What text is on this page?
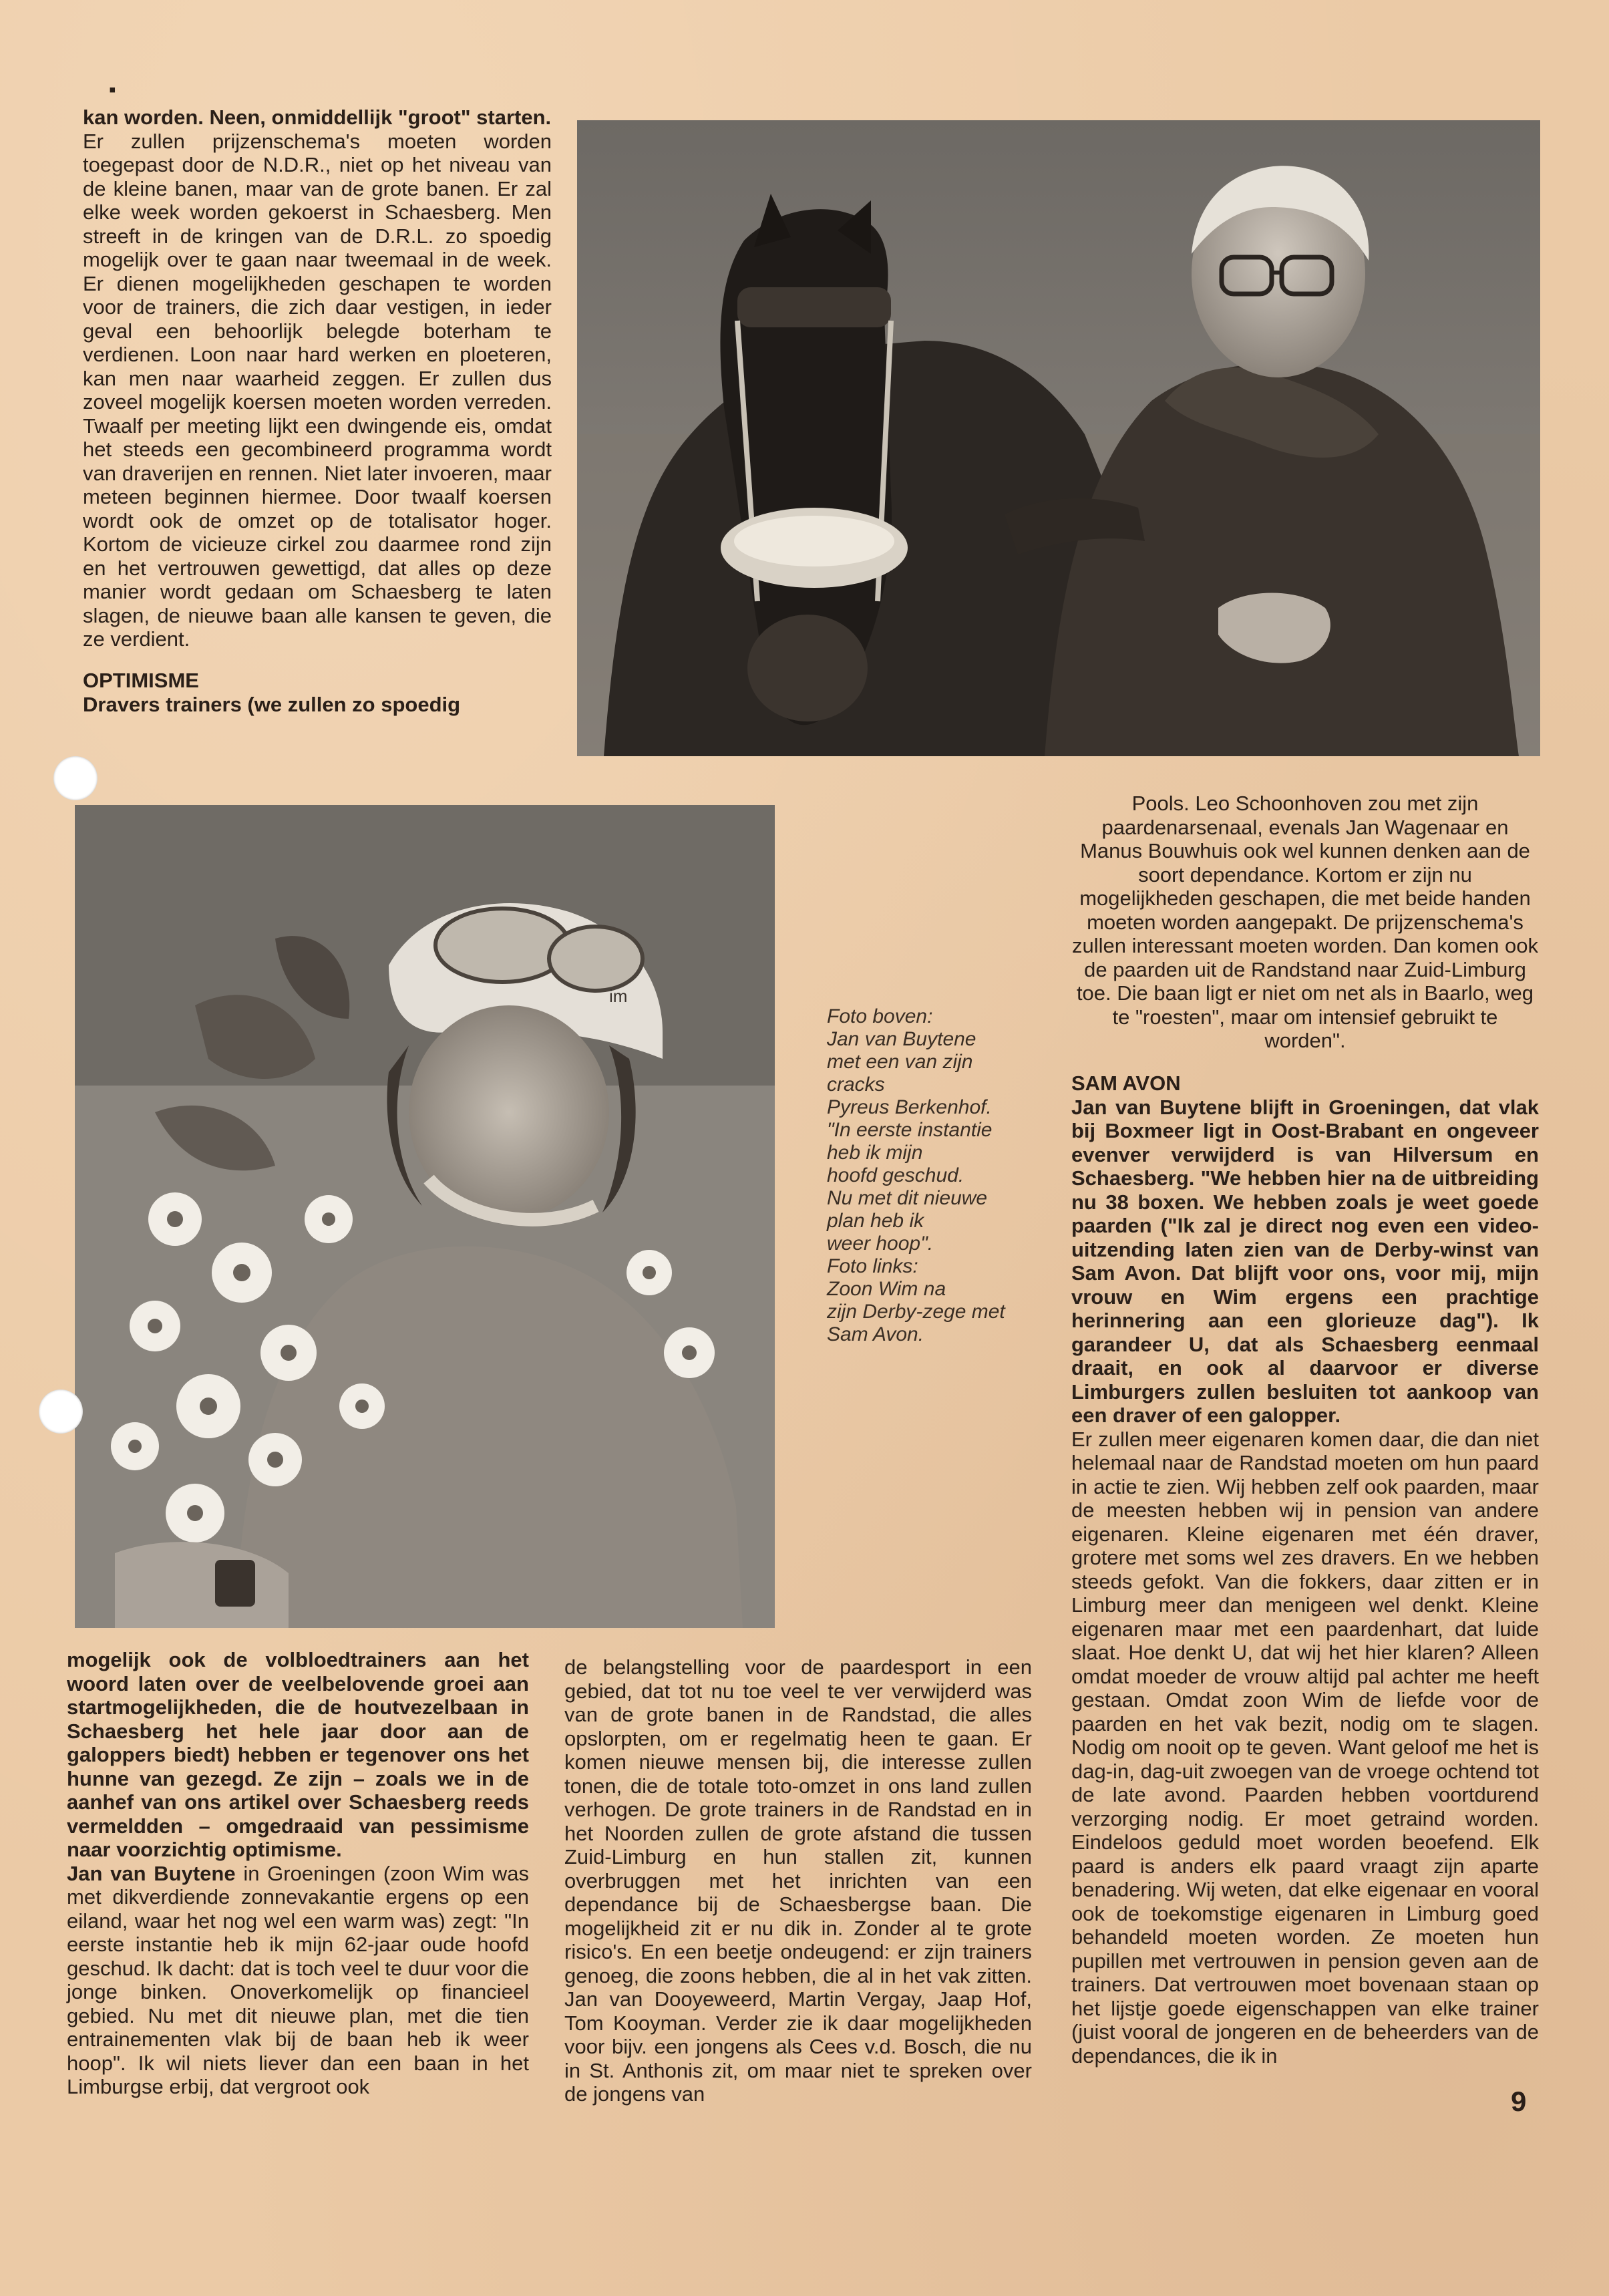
▪

kan worden. Neen, onmiddellijk "groot" starten.

Er zullen prijzenschema's moeten worden toegepast door de N.D.R., niet op het niveau van de kleine banen, maar van de grote banen. Er zal elke week worden gekoerst in Schaesberg. Men streeft in de kringen van de D.R.L. zo spoedig mogelijk over te gaan naar tweemaal in de week. Er dienen mogelijkheden geschapen te worden voor de trainers, die zich daar vestigen, in ieder geval een behoorlijk belegde boterham te verdienen. Loon naar hard werken en ploeteren, kan men naar waarheid zeggen. Er zullen dus zoveel mogelijk koersen moeten worden verreden. Twaalf per meeting lijkt een dwingende eis, omdat het steeds een gecombineerd programma wordt van draverijen en rennen. Niet later invoeren, maar meteen beginnen hiermee. Door twaalf koersen wordt ook de omzet op de totalisator hoger. Kortom de vicieuze cirkel zou daarmee rond zijn en het vertrouwen gewettigd, dat alles op deze manier wordt gedaan om Schaesberg te laten slagen, de nieuwe baan alle kansen te geven, die ze verdient.

OPTIMISME

Dravers trainers (we zullen zo spoedig

im

Foto boven:

Jan van Buytene

met een van zijn

cracks

Pyreus Berkenhof.

"In eerste instantie

heb ik mijn

hoofd geschud.

Nu met dit nieuwe

plan heb ik

weer hoop".

Foto links:

Zoon Wim na

zijn Derby-zege met

Sam Avon.

Pools. Leo Schoonhoven zou met zijn paardenarsenaal, evenals Jan Wagenaar en Manus Bouwhuis ook wel kunnen denken aan de soort dependance. Kortom er zijn nu mogelijkheden geschapen, die met beide handen moeten worden aangepakt. De prijzenschema's zullen interessant moeten worden. Dan komen ook de paarden uit de Randstand naar Zuid-Limburg toe. Die baan ligt er niet om net als in Baarlo, weg te "roesten", maar om intensief gebruikt te worden".

SAM AVON

Jan van Buytene blijft in Groeningen, dat vlak bij Boxmeer ligt in Oost-Brabant en ongeveer evenver verwijderd is van Hilversum en Schaesberg. "We hebben hier na de uitbreiding nu 38 boxen. We hebben zoals je weet goede paarden ("Ik zal je direct nog even een video-uitzending laten zien van de Derby-winst van Sam Avon. Dat blijft voor ons, voor mij, mijn vrouw en Wim ergens een prachtige herinnering aan een glorieuze dag"). Ik garandeer U, dat als Schaesberg eenmaal draait, en ook al daarvoor er diverse Limburgers zullen besluiten tot aankoop van een draver of een galopper.

Er zullen meer eigenaren komen daar, die dan niet helemaal naar de Randstad moeten om hun paard in actie te zien. Wij hebben zelf ook paarden, maar de meesten hebben wij in pension van andere eigenaren. Kleine eigenaren met één draver, grotere met soms wel zes dravers. En we hebben steeds gefokt. Van die fokkers, daar zitten er in Limburg meer dan menigeen wel denkt. Kleine eigenaren maar met een paardenhart, dat luide slaat. Hoe denkt U, dat wij het hier klaren? Alleen omdat moeder de vrouw altijd pal achter me heeft gestaan. Omdat zoon Wim de liefde voor de paarden en het vak bezit, nodig om te slagen. Nodig om nooit op te geven. Want geloof me het is dag-in, dag-uit zwoegen van de vroege ochtend tot de late avond. Paarden hebben voortdurend verzorging nodig. Er moet getraind worden. Eindeloos geduld moet worden beoefend. Elk paard is anders elk paard vraagt zijn aparte benadering. Wij weten, dat elke eigenaar en vooral ook de toekomstige eigenaren in Limburg goed behandeld moeten worden. Ze moeten hun pupillen met vertrouwen in pension geven aan de trainers. Dat vertrouwen moet bovenaan staan op het lijstje goede eigenschappen van elke trainer (juist vooral de jongeren en de beheerders van de dependances, die ik in

mogelijk ook de volbloedtrainers aan het woord laten over de veelbelovende groei aan startmogelijkheden, die de houtvezelbaan in Schaesberg het hele jaar door aan de galoppers biedt) hebben er tegenover ons het hunne van gezegd. Ze zijn – zoals we in de aanhef van ons artikel over Schaesberg reeds vermeldden – omgedraaid van pessimisme naar voorzichtig optimisme.

Jan van Buytene in Groeningen (zoon Wim was met dikverdiende zonnevakantie ergens op een eiland, waar het nog wel een warm was) zegt: "In eerste instantie heb ik mijn 62-jaar oude hoofd geschud. Ik dacht: dat is toch veel te duur voor die jonge binken. Onoverkomelijk op financieel gebied. Nu met dit nieuwe plan, met die tien entrainementen vlak bij de baan heb ik weer hoop". Ik wil niets liever dan een baan in het Limburgse erbij, dat vergroot ook

de belangstelling voor de paardesport in een gebied, dat tot nu toe veel te ver verwijderd was van de grote banen in de Randstad, die alles opslorpten, om er regelmatig heen te gaan. Er komen nieuwe mensen bij, die interesse zullen tonen, die de totale toto-omzet in ons land zullen verhogen. De grote trainers in de Randstad en in het Noorden zullen de grote afstand die tussen Zuid-Limburg en hun stallen zit, kunnen overbruggen met het inrichten van een dependance bij de Schaesbergse baan. Die mogelijkheid zit er nu dik in. Zonder al te grote risico's. En een beetje ondeugend: er zijn trainers genoeg, die zoons hebben, die al in het vak zitten. Jan van Dooyeweerd, Martin Vergay, Jaap Hof, Tom Kooyman. Verder zie ik daar mogelijkheden voor bijv. een jongens als Cees v.d. Bosch, die nu in St. Anthonis zit, om maar niet te spreken over de jongens van	9
